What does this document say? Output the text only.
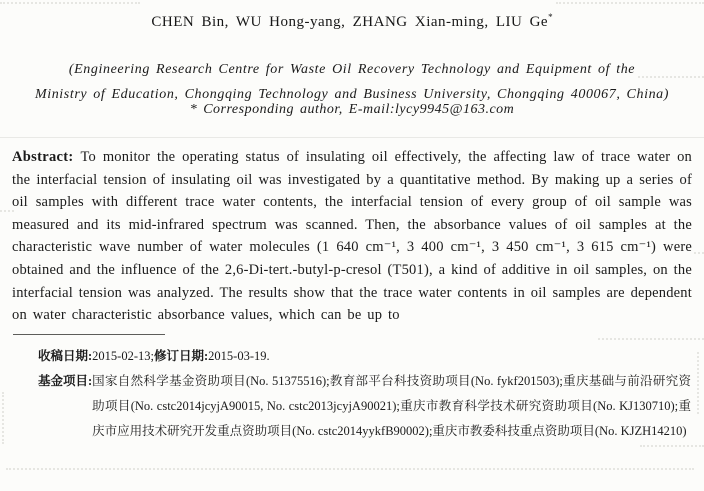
CHEN Bin, WU Hong-yang, ZHANG Xian-ming, LIU Ge*
(Engineering Research Centre for Waste Oil Recovery Technology and Equipment of the
Ministry of Education, Chongqing Technology and Business University, Chongqing 400067, China)
* Corresponding author, E-mail:lycy9945@163.com

Abstract: To monitor the operating status of insulating oil effectively, the affecting law of trace water on the interfacial tension of insulating oil was investigated by a quantitative method. By making up a series of oil samples with different trace water contents, the interfacial tension of every group of oil sample was measured and its mid-infrared spectrum was scanned. Then, the absorbance values of oil samples at the characteristic wave number of water molecules (1 640 cm⁻¹, 3 400 cm⁻¹, 3 450 cm⁻¹, 3 615 cm⁻¹) were obtained and the influence of the 2,6-Di-tert.-butyl-p-cresol (T501), a kind of additive in oil samples, on the interfacial tension was analyzed. The results show that the trace water contents in oil samples are dependent on water characteristic absorbance values, which can be up to

收稿日期:2015-02-13;修订日期:2015-03-19.
基金项目: 国家自然科学基金资助项目(No. 51375516);教育部平台科技资助项目(No. fykf201503);重庆基础与前沿研究资助项目(No. cstc2014jcyjA90015, No. cstc2013jcyjA90021);重庆市教育科学技术研究资助项目(No. KJ130710);重庆市应用技术研究开发重点资助项目(No. cstc2014yykfB90002);重庆市教委科技重点资助项目(No. KJZH14210)
